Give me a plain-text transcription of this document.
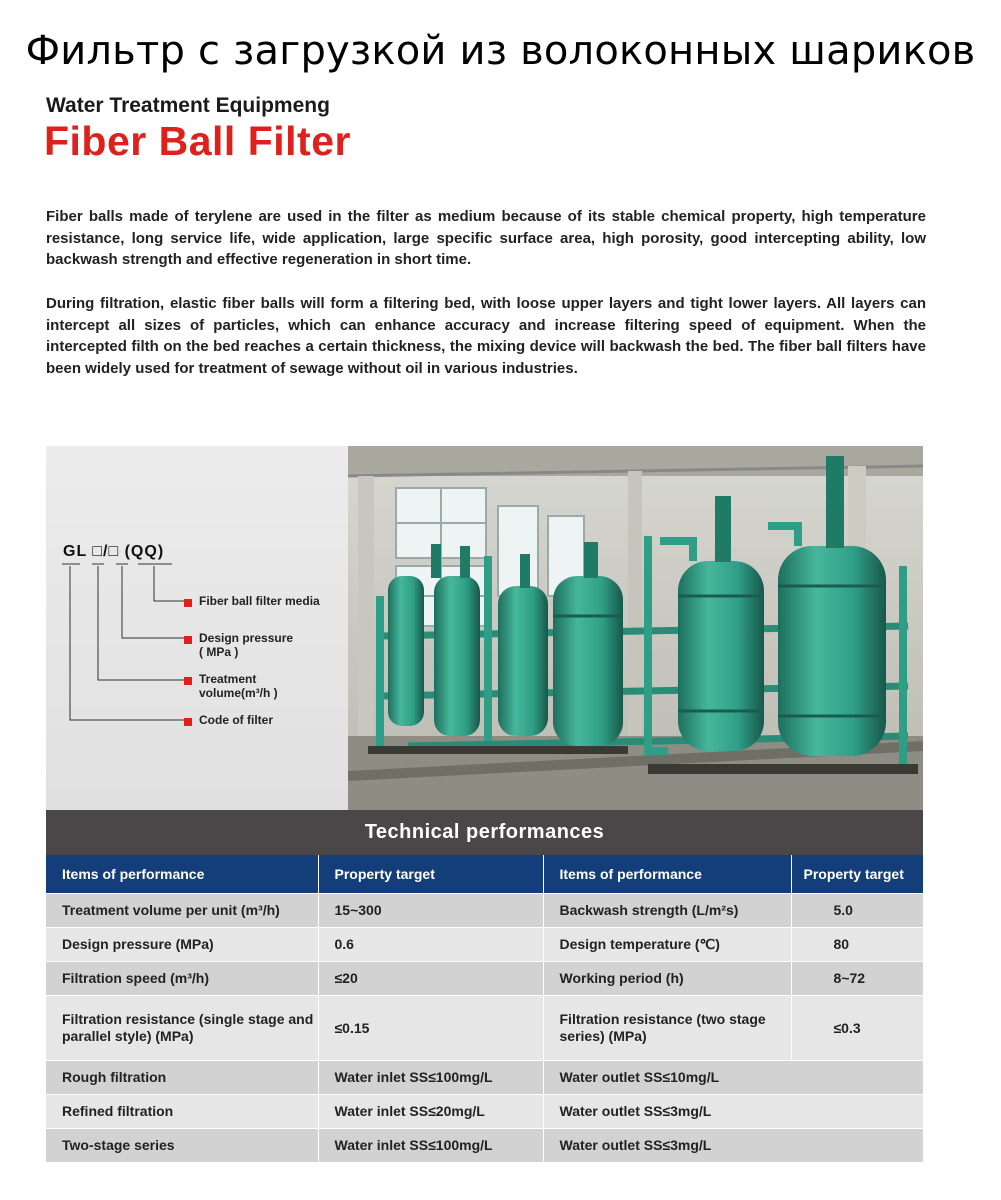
Фильтр с загрузкой из волоконных шариков
Water Treatment Equipmeng
Fiber Ball Filter

Fiber balls made of terylene are used in the filter as medium because of its stable chemical property, high temperature resistance, long service life, wide application, large specific surface area, high porosity, good intercepting ability, low backwash strength and effective regeneration in short time.

During filtration, elastic fiber balls will form a filtering bed, with loose upper layers and tight lower layers. All layers can intercept all sizes of particles, which can enhance accuracy and increase filtering speed of equipment. When the intercepted filth on the bed reaches a certain thickness, the mixing device will backwash the bed. The fiber ball filters have been widely used for treatment of sewage without oil in various industries.

GL □/□ (QQ)
Fiber ball filter media
Design pressure
( MPa )
Treatment
volume(m³/h )
Code of filter
Technical performances
Items of performance	Property target	Items of performance	Property target
Treatment volume per unit (m³/h)	15~300	Backwash strength (L/m²s)	5.0
Design pressure (MPa)	0.6	Design temperature (℃)	80
Filtration speed (m³/h)	≤20	Working period (h)	8~72
Filtration resistance (single stage and parallel style) (MPa)	≤0.15	Filtration resistance (two stage series) (MPa)	≤0.3
Rough filtration	Water inlet SS≤100mg/L	Water outlet SS≤10mg/L	
Refined filtration	Water inlet SS≤20mg/L	Water outlet SS≤3mg/L	
Two-stage series	Water inlet SS≤100mg/L	Water outlet SS≤3mg/L	
